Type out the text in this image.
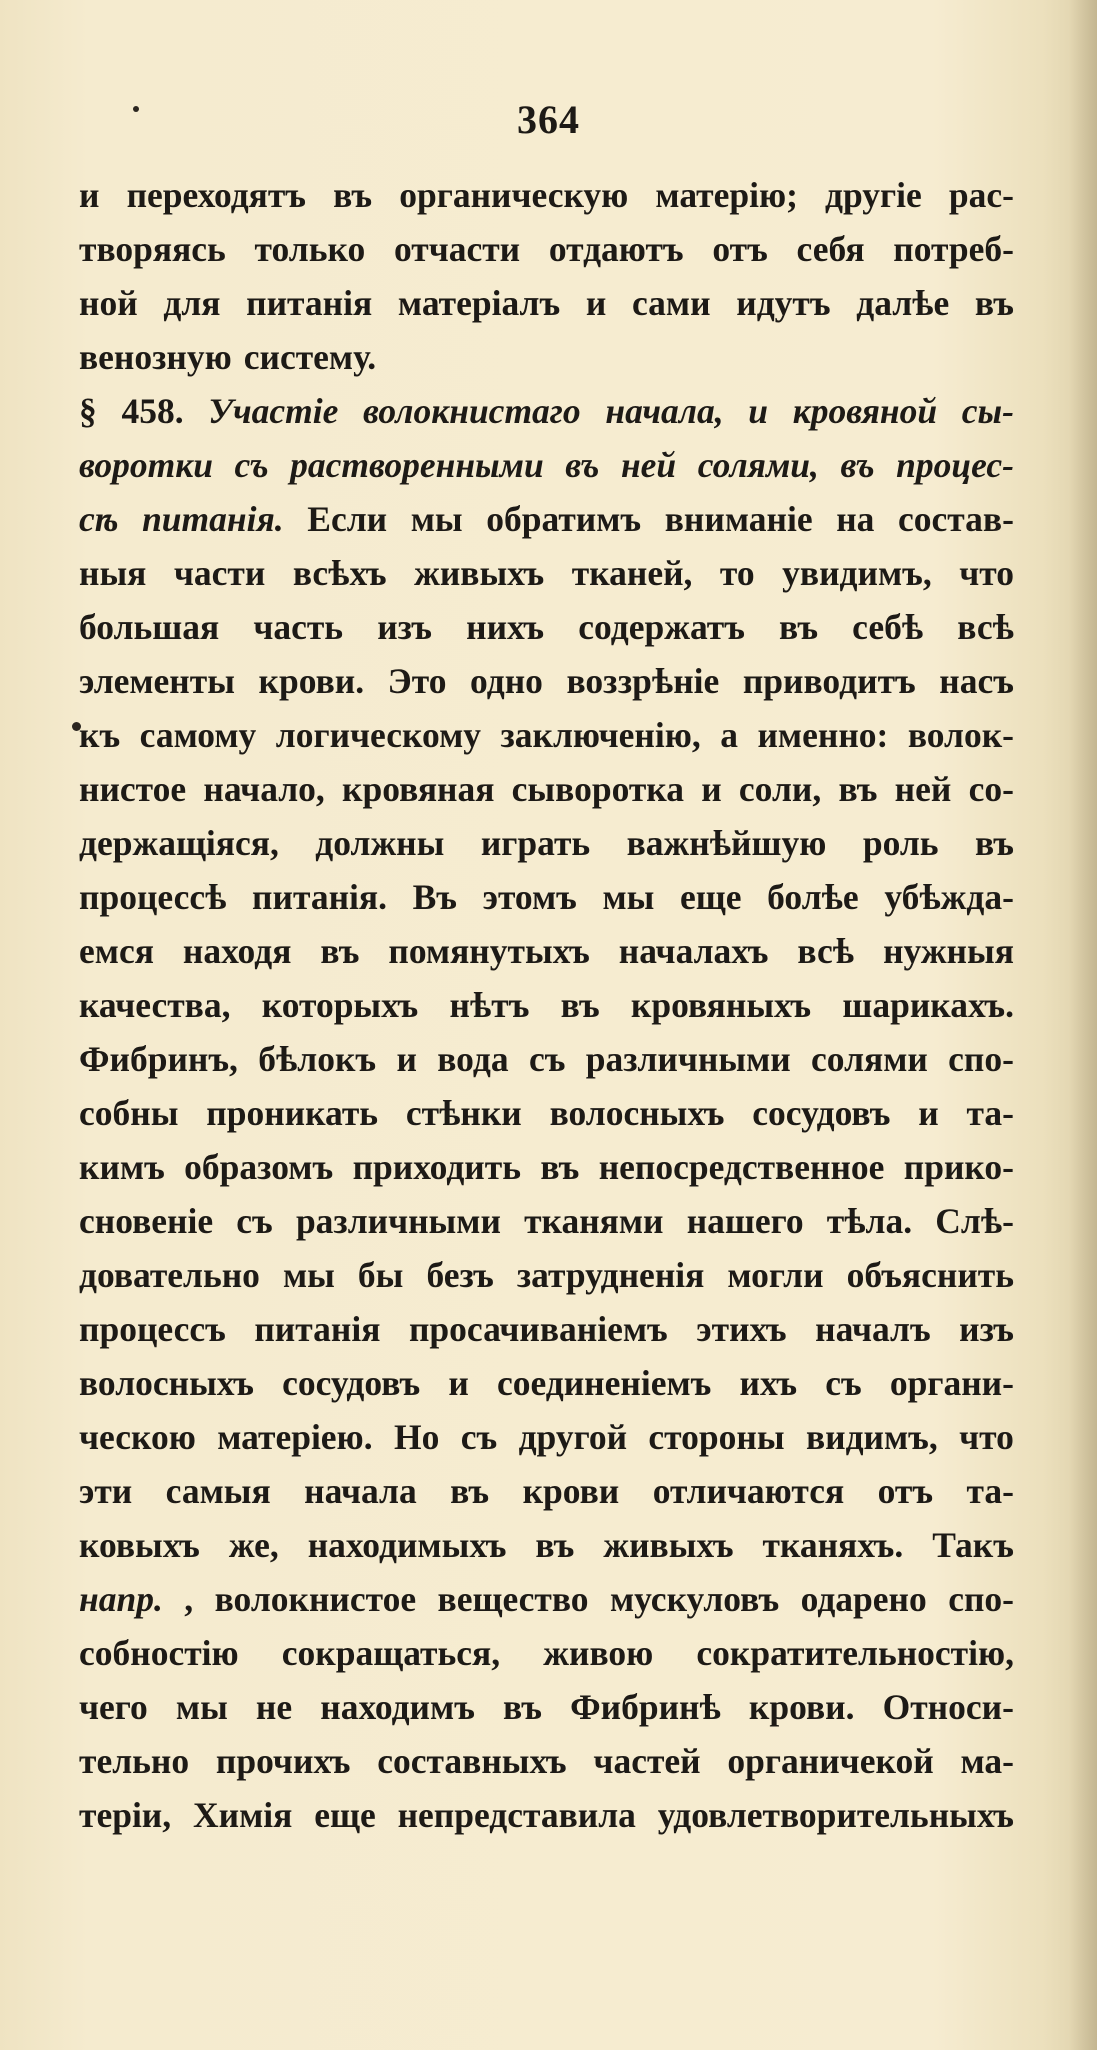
364
и переходятъ въ органическую матерію; другіе рас-
творяясь только отчасти отдаютъ отъ себя потреб-
ной для питанія матеріалъ и сами идутъ далѣе въ
венозную систему.
§ 458. Участіе волокнистаго начала, и кровяной сы-
воротки съ растворенными въ ней солями, въ процес-
сѣ питанія. Если мы обратимъ вниманіе на состав-
ныя части всѣхъ живыхъ тканей, то увидимъ, что
большая часть изъ нихъ содержатъ въ себѣ всѣ
элементы крови. Это одно воззрѣніе приводитъ насъ
къ самому логическому заключенію, а именно: волок-
нистое начало, кровяная сыворотка и соли, въ ней со-
держащіяся, должны играть важнѣйшую роль въ
процессѣ питанія. Въ этомъ мы еще болѣе убѣжда-
емся находя въ помянутыхъ началахъ всѣ нужныя
качества, которыхъ нѣтъ въ кровяныхъ шарикахъ.
Фибринъ, бѣлокъ и вода съ различными солями спо-
собны проникать стѣнки волосныхъ сосудовъ и та-
кимъ образомъ приходить въ непосредственное прико-
сновеніе съ различными тканями нашего тѣла. Слѣ-
довательно мы бы безъ затрудненія могли объяснить
процессъ питанія просачиваніемъ этихъ началъ изъ
волосныхъ сосудовъ и соединеніемъ ихъ съ органи-
ческою матеріею. Но съ другой стороны видимъ, что
эти самыя начала въ крови отличаются отъ та-
ковыхъ же, находимыхъ въ живыхъ тканяхъ. Такъ
напр. , волокнистое вещество мускуловъ одарено спо-
собностію сокращаться, живою сократительностію,
чего мы не находимъ въ Фибринѣ крови. Относи-
тельно прочихъ составныхъ частей органичекой ма-
теріи, Химія еще непредставила удовлетворительныхъ
